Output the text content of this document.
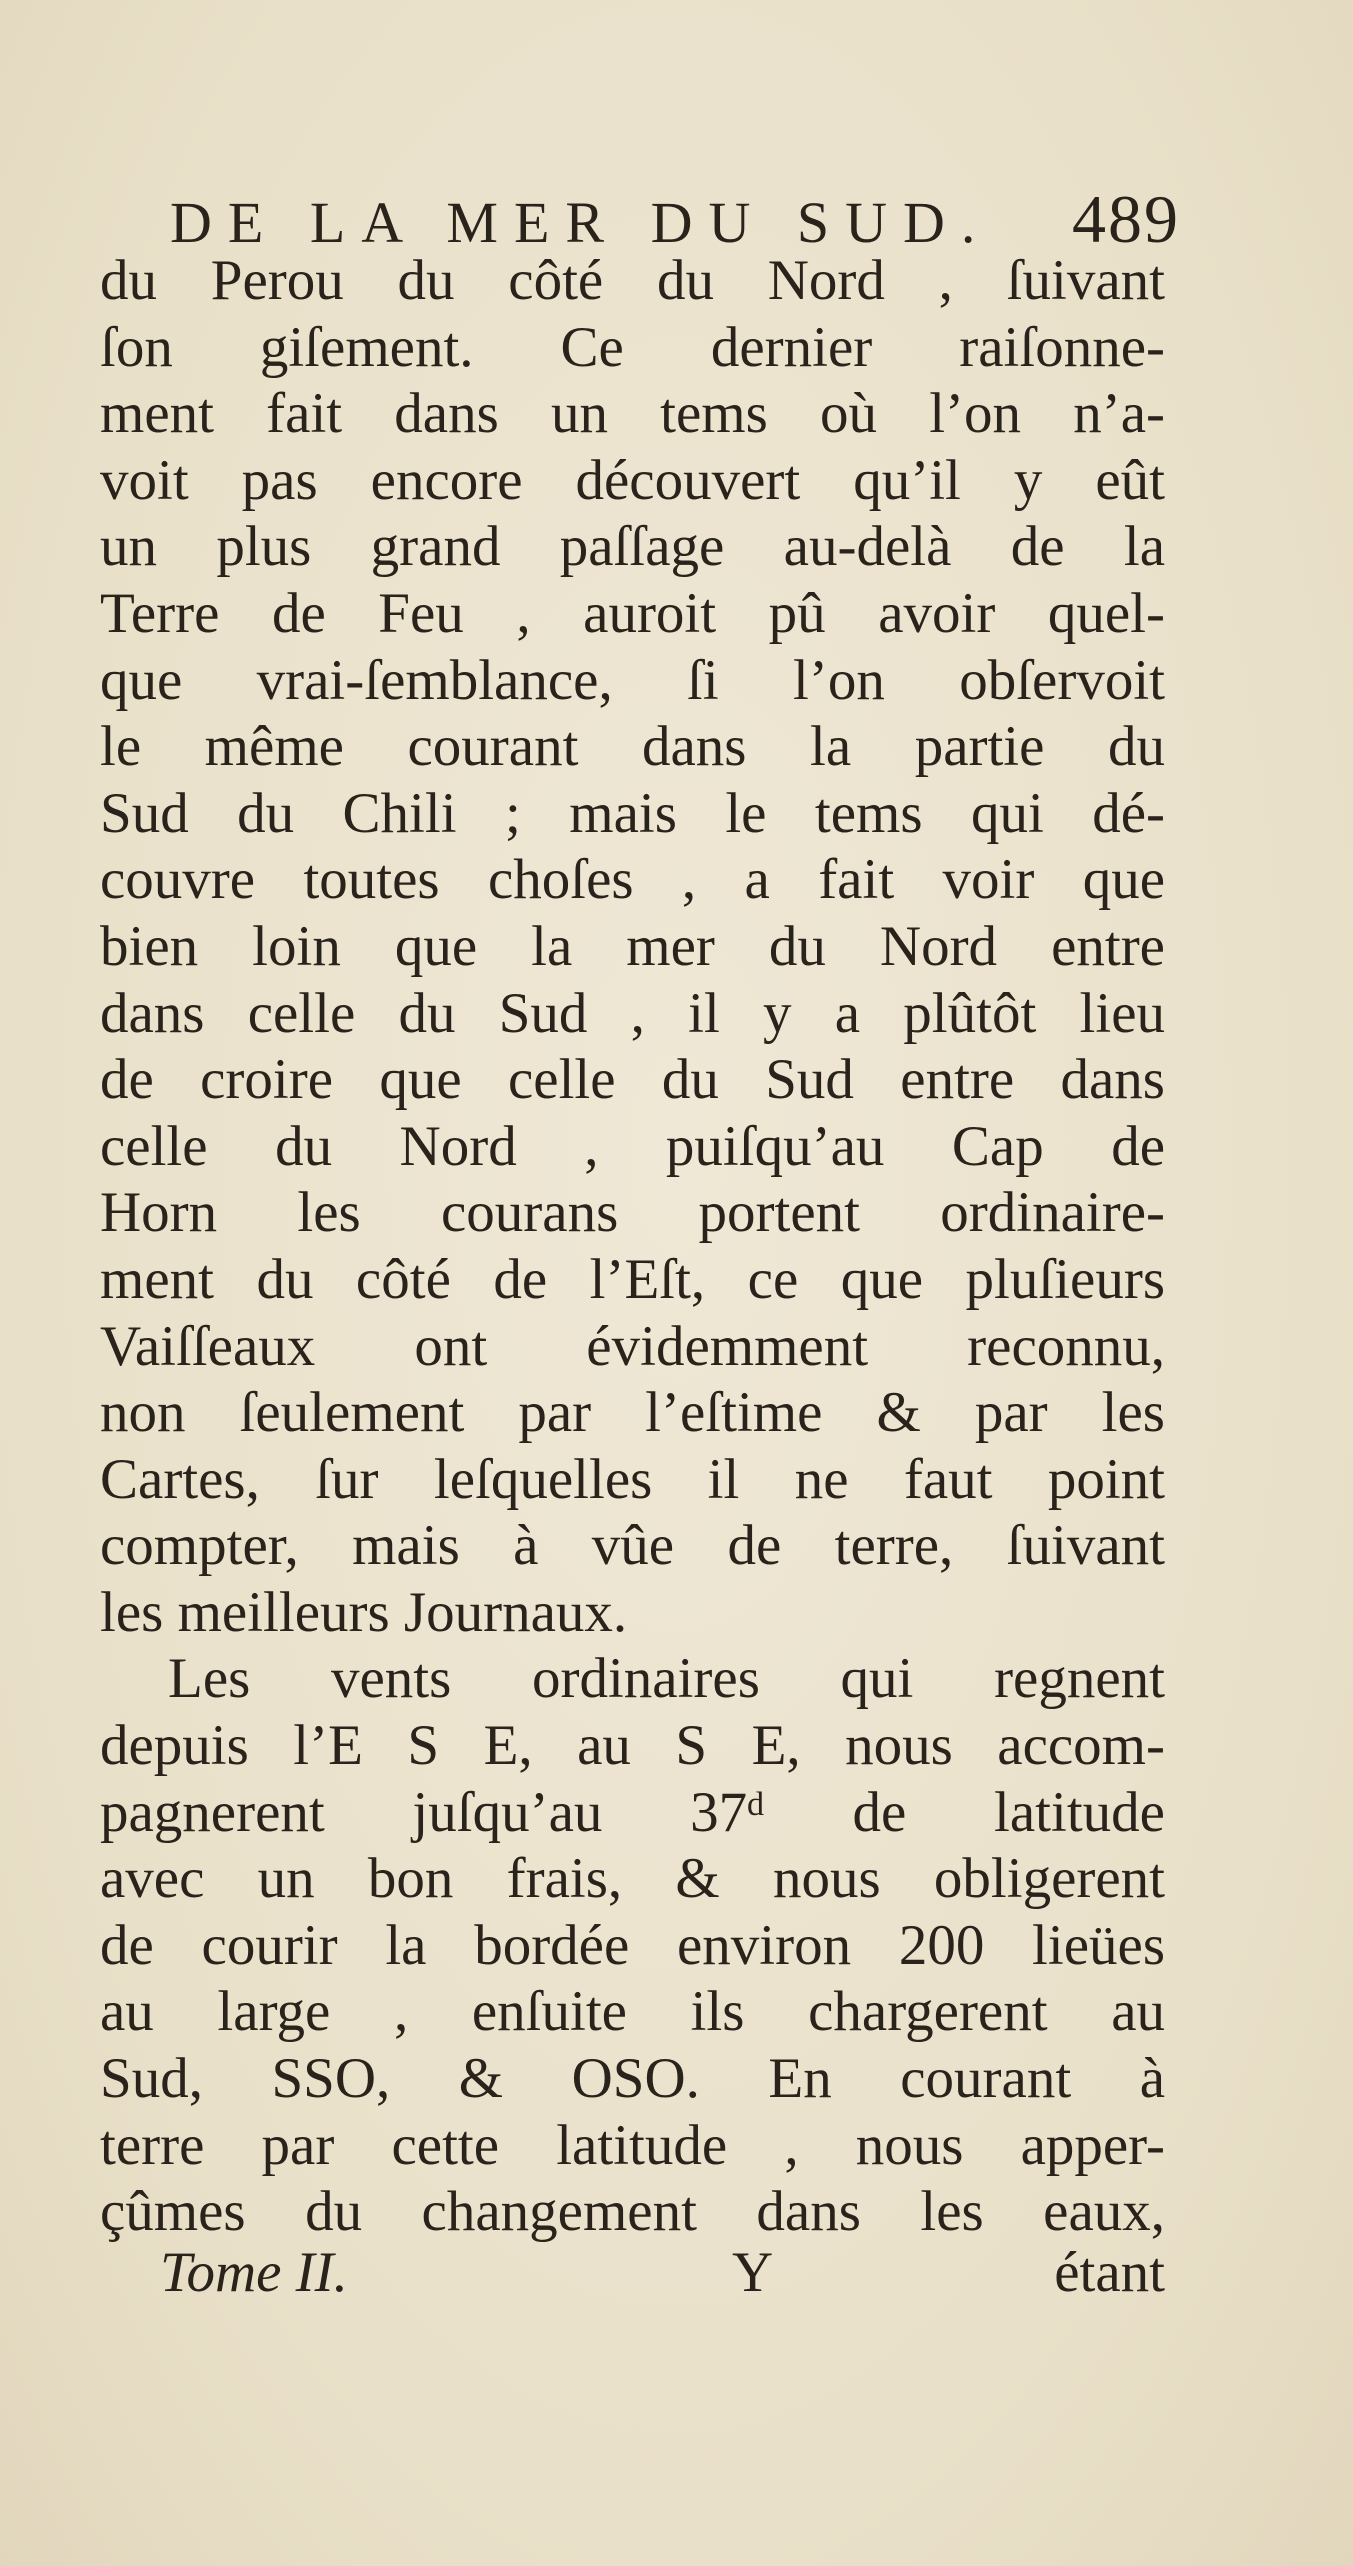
DE LA MER DU SUD. 489
du Perou du côté du Nord , ſuivant
ſon giſement. Ce dernier raiſonne-
ment fait dans un tems où l’on n’a-
voit pas encore découvert qu’il y eût
un plus grand paſſage au-delà de la
Terre de Feu , auroit pû avoir quel-
que vrai-ſemblance, ſi l’on obſervoit
le même courant dans la partie du
Sud du Chili ; mais le tems qui dé-
couvre toutes choſes , a fait voir que
bien loin que la mer du Nord entre
dans celle du Sud , il y a plûtôt lieu
de croire que celle du Sud entre dans
celle du Nord , puiſqu’au Cap de
Horn les courans portent ordinaire-
ment du côté de l’Eſt, ce que pluſieurs
Vaiſſeaux ont évidemment reconnu,
non ſeulement par l’eſtime & par les
Cartes, ſur leſquelles il ne faut point
compter, mais à vûe de terre, ſuivant
les meilleurs Journaux.
Les vents ordinaires qui regnent
depuis l’E S E, au S E, nous accom-
pagnerent juſqu’au 37ᵈ de latitude
avec un bon frais, & nous obligerent
de courir la bordée environ 200 lieües
au large , enſuite ils chargerent au
Sud, SSO, & OSO. En courant à
terre par cette latitude , nous apper-
çûmes du changement dans les eaux,
Tome II.	Y	étant
